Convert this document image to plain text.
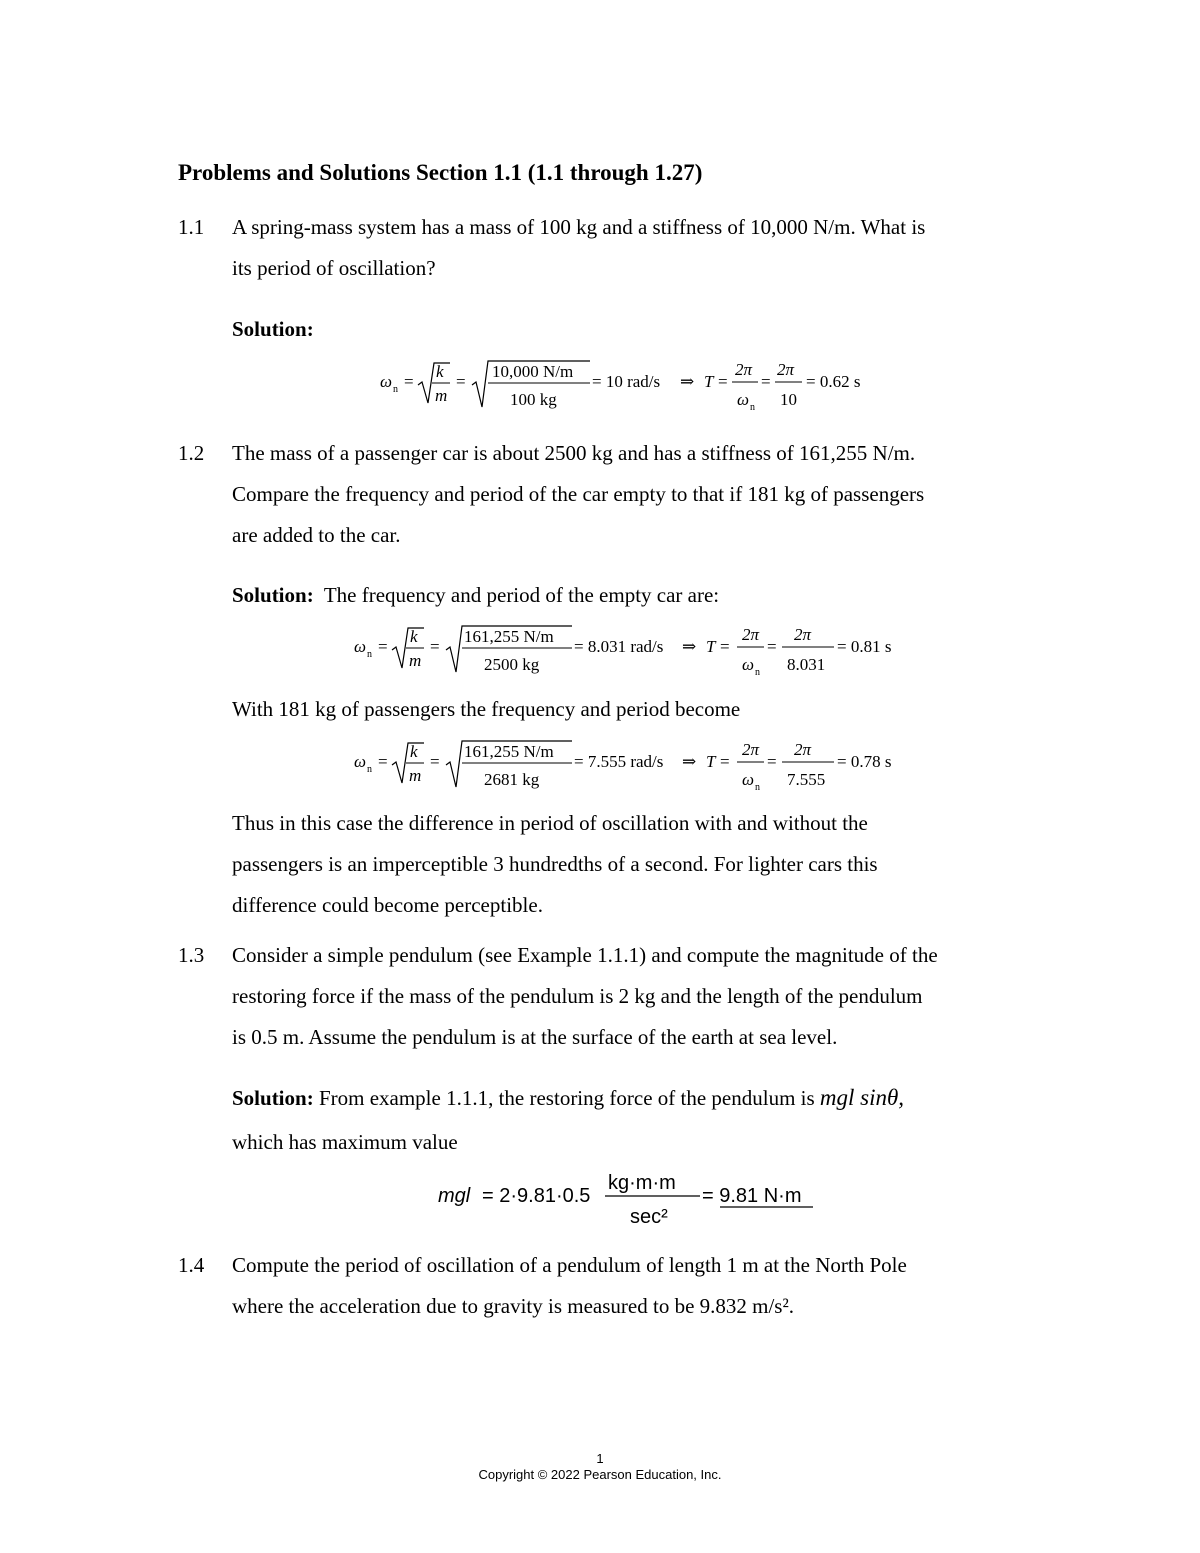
Problems and Solutions Section 1.1 (1.1 through 1.27)
1.1 A spring-mass system has a mass of 100 kg and a stiffness of 10,000 N/m. What is
its period of oscillation?
Solution:
ω n =
k
m
=
10,000 N/m
100 kg
= 10 rad/s ⇒ T =
2π
ω n
=
2π
10
= 0.62 s
1.2 The mass of a passenger car is about 2500 kg and has a stiffness of 161,255 N/m.
Compare the frequency and period of the car empty to that if 181 kg of passengers
are added to the car.
Solution: The frequency and period of the empty car are:
ω n =
k
m
=
161,255 N/m
2500 kg
= 8.031 rad/s ⇒ T =
2π
ω n
=
2π
8.031
= 0.81 s
With 181 kg of passengers the frequency and period become
ω n =
k
m
=
161,255 N/m
2681 kg
= 7.555 rad/s ⇒ T =
2π
ω n
=
2π
7.555
= 0.78 s
Thus in this case the difference in period of oscillation with and without the
passengers is an imperceptible 3 hundredths of a second. For lighter cars this
difference could become perceptible.
1.3 Consider a simple pendulum (see Example 1.1.1) and compute the magnitude of the
restoring force if the mass of the pendulum is 2 kg and the length of the pendulum
is 0.5 m. Assume the pendulum is at the surface of the earth at sea level.
Solution: From example 1.1.1, the restoring force of the pendulum is mgl sinθ,
which has maximum value
mgl = 2·9.81·0.5
kg·m·m
sec²
= 9.81 N·m
1.4 Compute the period of oscillation of a pendulum of length 1 m at the North Pole
where the acceleration due to gravity is measured to be 9.832 m/s².
1
Copyright © 2022 Pearson Education, Inc.
